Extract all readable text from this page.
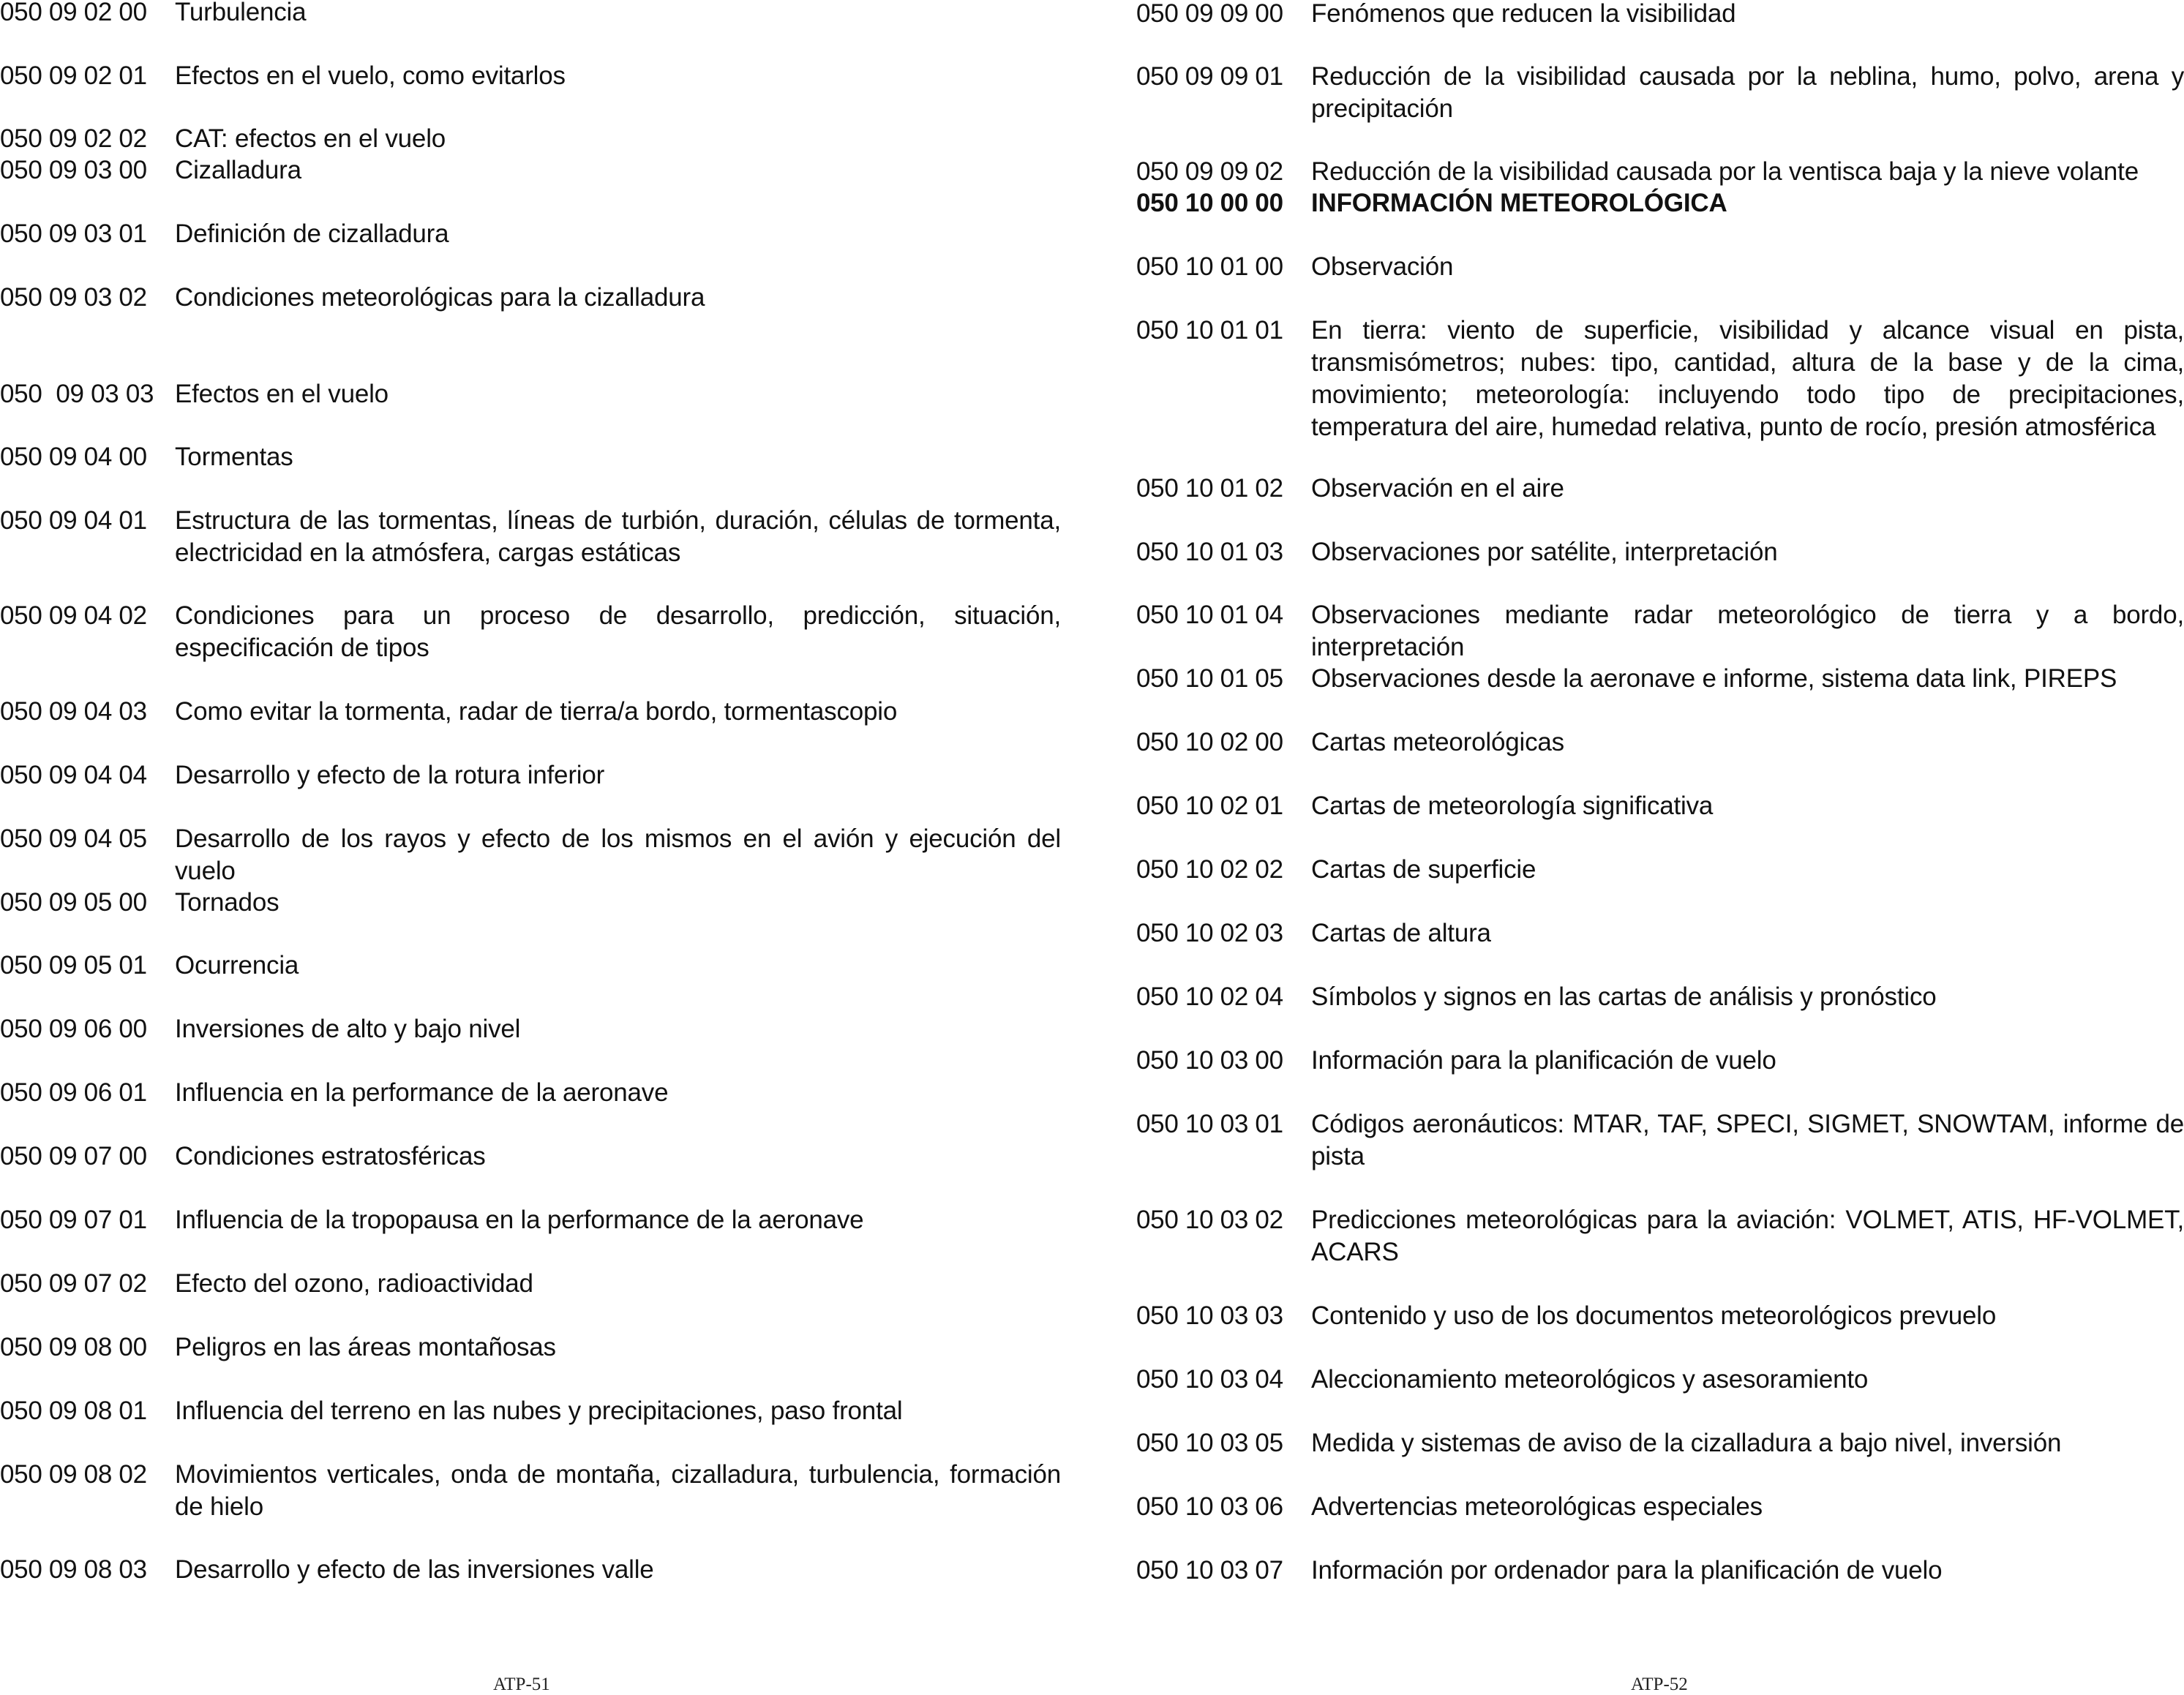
050 09 02 00 Turbulencia
050 09 02 01 Efectos en el vuelo, como evitarlos
050 09 02 02 CAT: efectos en el vuelo
050 09 03 00 Cizalladura
050 09 03 01 Definición de cizalladura
050 09 03 02 Condiciones meteorológicas para la cizalladura
050  09 03 03 Efectos en el vuelo
050 09 04 00 Tormentas
050 09 04 01 Estructura de las tormentas, líneas de turbión, duración, células de tormenta, electricidad en la atmósfera, cargas estáticas
050 09 04 02 Condiciones para un proceso de desarrollo, predicción, situación, especificación de tipos
050 09 04 03 Como evitar la tormenta, radar de tierra/a bordo, tormentascopio
050 09 04 04 Desarrollo y efecto de la rotura inferior
050 09 04 05 Desarrollo de los rayos y efecto de los mismos en el avión y ejecución del vuelo
050 09 05 00 Tornados
050 09 05 01 Ocurrencia
050 09 06 00 Inversiones de alto y bajo nivel
050 09 06 01 Influencia en la performance de la aeronave
050 09 07 00 Condiciones estratosféricas
050 09 07 01 Influencia de la tropopausa en la performance de la aeronave
050 09 07 02 Efecto del ozono, radioactividad
050 09 08 00 Peligros en las áreas montañosas
050 09 08 01 Influencia del terreno en las nubes y precipitaciones, paso frontal
050 09 08 02 Movimientos verticales, onda de montaña, cizalladura, turbulencia, formación de hielo
050 09 08 03 Desarrollo y efecto de las inversiones valle
050 09 09 00 Fenómenos que reducen la visibilidad
050 09 09 01 Reducción de la visibilidad causada por la neblina, humo, polvo, arena y precipitación
050 09 09 02 Reducción de la visibilidad causada por la ventisca baja y la nieve volante
050 10 00 00 INFORMACIÓN METEOROLÓGICA
050 10 01 00 Observación
050 10 01 01 En tierra: viento de superficie, visibilidad y alcance visual en pista, transmisómetros; nubes: tipo, cantidad, altura de la base y de la cima, movimiento; meteorología: incluyendo todo tipo de precipitaciones, temperatura del aire, humedad relativa, punto de rocío, presión atmosférica
050 10 01 02 Observación en el aire
050 10 01 03 Observaciones por satélite, interpretación
050 10 01 04 Observaciones mediante radar meteorológico de tierra y a bordo, interpretación
050 10 01 05 Observaciones desde la aeronave e informe, sistema data link, PIREPS
050 10 02 00 Cartas meteorológicas
050 10 02 01 Cartas de meteorología significativa
050 10 02 02 Cartas de superficie
050 10 02 03 Cartas de altura
050 10 02 04 Símbolos y signos en las cartas de análisis y pronóstico
050 10 03 00 Información para la planificación de vuelo
050 10 03 01 Códigos aeronáuticos: MTAR, TAF, SPECI, SIGMET, SNOWTAM, informe de pista
050 10 03 02 Predicciones meteorológicas para la aviación: VOLMET, ATIS, HF-VOLMET, ACARS
050 10 03 03 Contenido y uso de los documentos meteorológicos prevuelo
050 10 03 04 Aleccionamiento meteorológicos y asesoramiento
050 10 03 05 Medida y sistemas de aviso de la cizalladura a bajo nivel, inversión
050 10 03 06 Advertencias meteorológicas especiales
050 10 03 07 Información por ordenador para la planificación de vuelo
ATP-51	ATP-52
